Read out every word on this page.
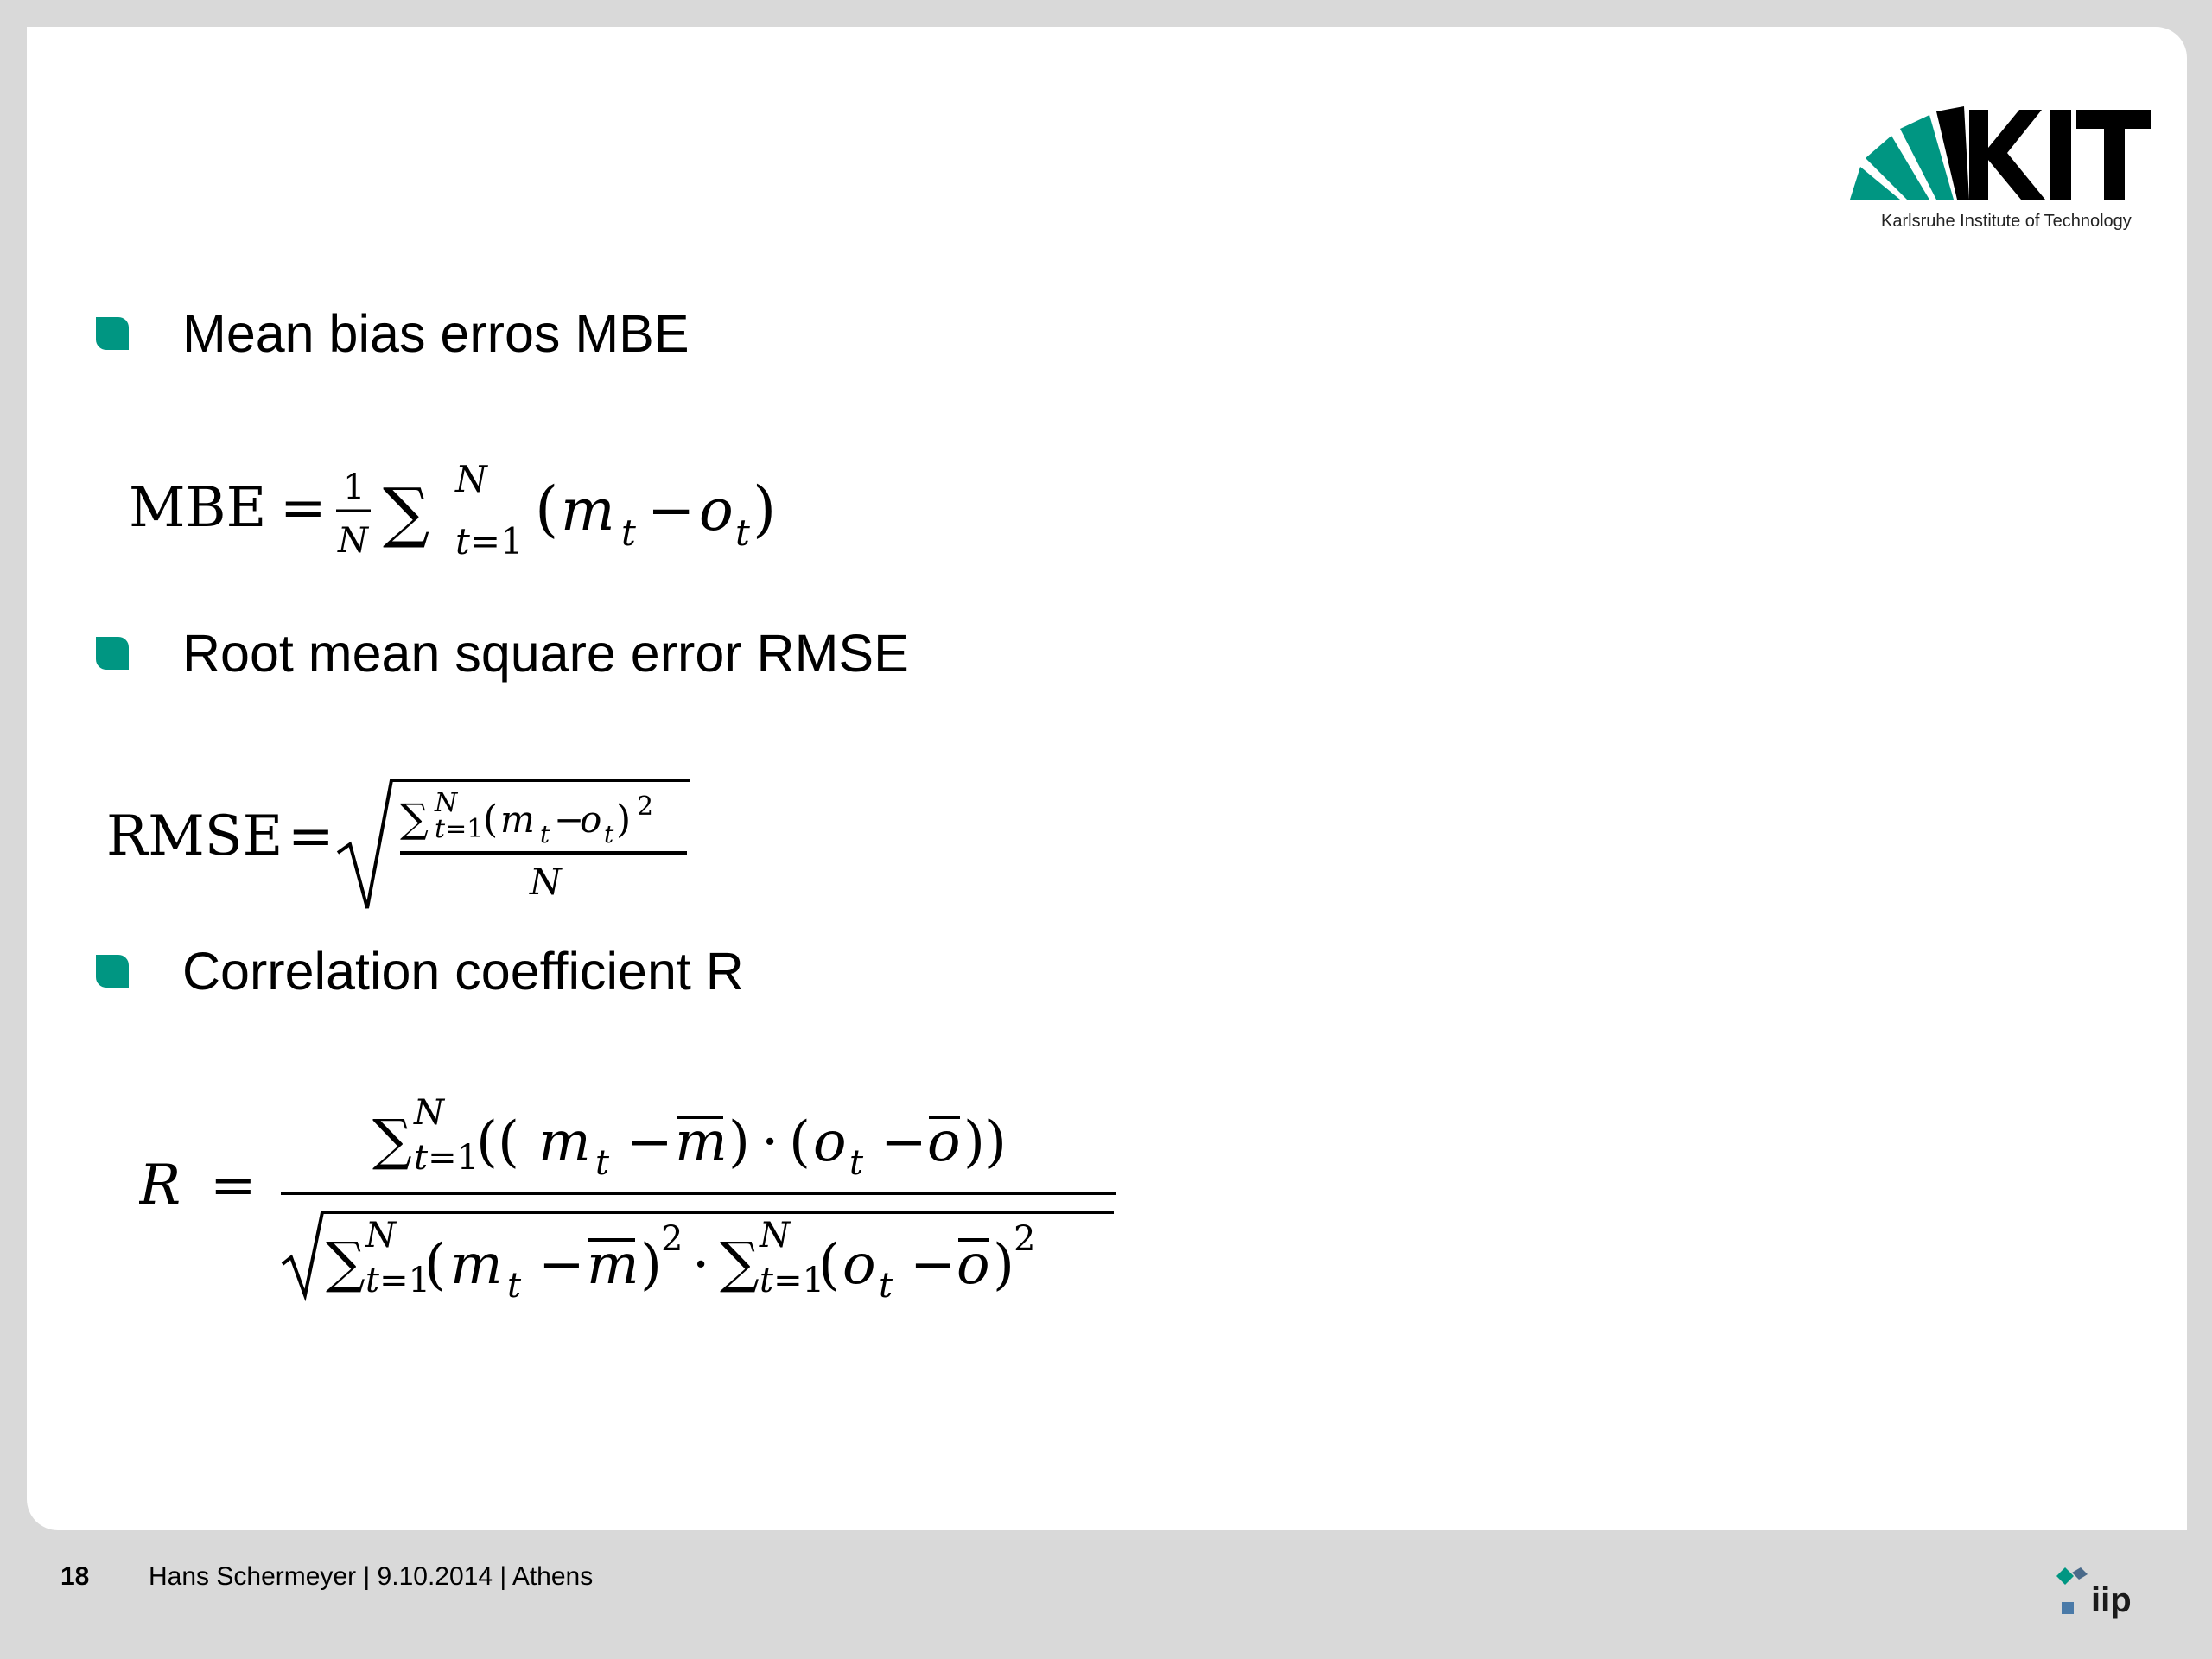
Karlsruhe Institute of Technology
Mean bias erros MBE
MBE = 1
N ∑ N
t=1 ( m t − o t )
Root mean square error RMSE
RMSE = ∑ N
t=1 ( m t −
o t ) 2
N
Correlation coefficient R
R =
∑ N
t=1
(( m t − m ) · ( o t − o ))
∑ N
t=1
( m t − m ) 2 · ∑ N
t=1
( o t − o ) 2
18 Hans Schermeyer | 9.10.2014 | Athens
iip
